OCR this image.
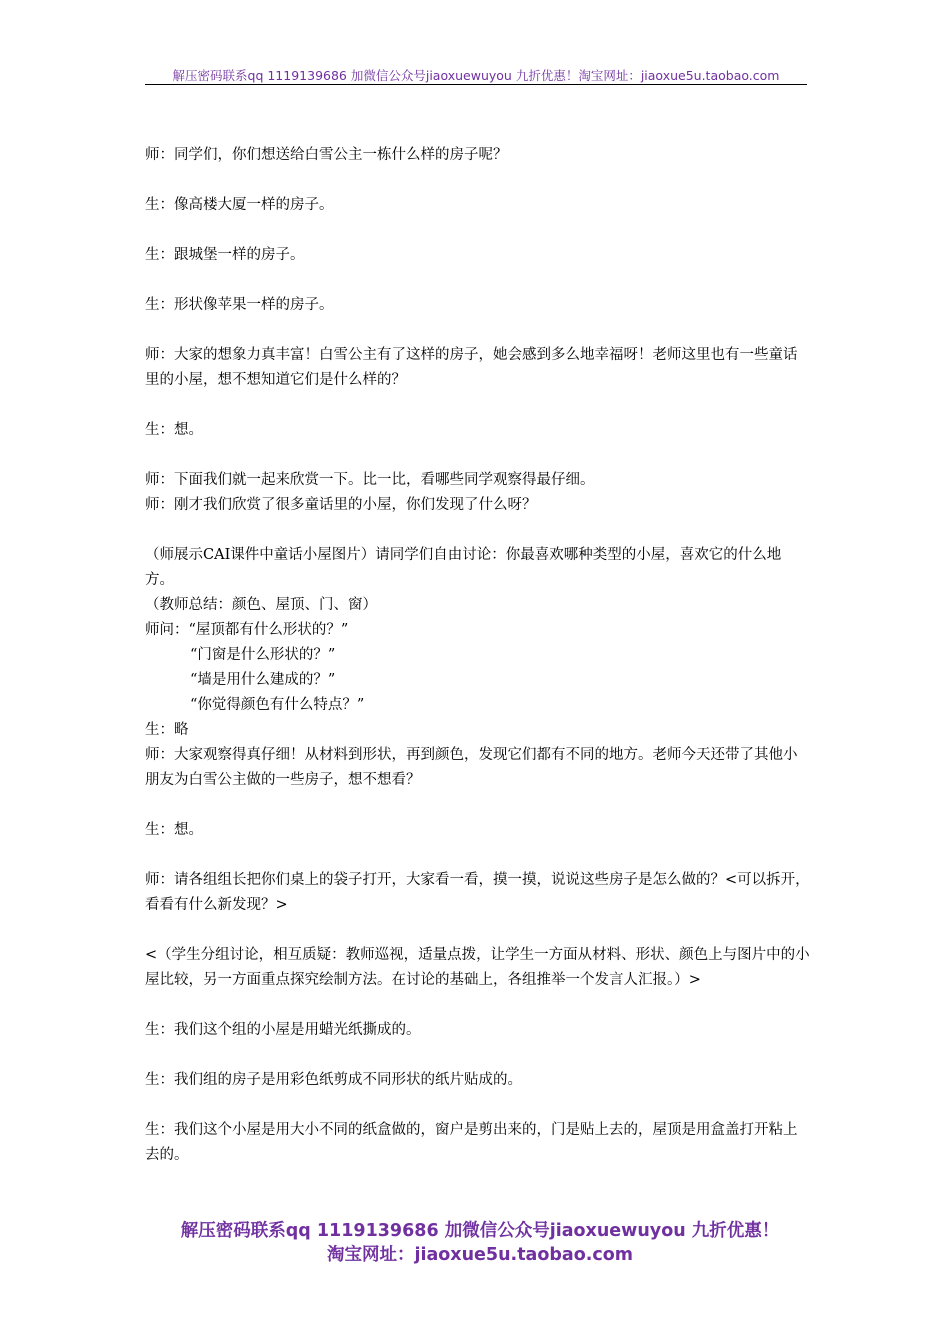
解压密码联系qq 1119139686 加微信公众号jiaoxuewuyou 九折优惠！淘宝网址：jiaoxue5u.taobao.com

师：同学们，你们想送给白雪公主一栋什么样的房子呢？

生：像高楼大厦一样的房子。

生：跟城堡一样的房子。

生：形状像苹果一样的房子。

师：大家的想象力真丰富！白雪公主有了这样的房子，她会感到多么地幸福呀！老师这里也有一些童话里的小屋，想不想知道它们是什么样的？

生：想。

师：下面我们就一起来欣赏一下。比一比，看哪些同学观察得最仔细。

师：刚才我们欣赏了很多童话里的小屋，你们发现了什么呀？

（师展示CAI课件中童话小屋图片）请同学们自由讨论：你最喜欢哪种类型的小屋，喜欢它的什么地方。

（教师总结：颜色、屋顶、门、窗）

师问：“屋顶都有什么形状的？”

“门窗是什么形状的？”

“墙是用什么建成的？”

“你觉得颜色有什么特点？”

生：略

师：大家观察得真仔细！从材料到形状，再到颜色，发现它们都有不同的地方。老师今天还带了其他小朋友为白雪公主做的一些房子，想不想看？

生：想。

师：请各组组长把你们桌上的袋子打开，大家看一看，摸一摸，说说这些房子是怎么做的？<可以拆开，看看有什么新发现？>

<（学生分组讨论，相互质疑：教师巡视，适量点拨，让学生一方面从材料、形状、颜色上与图片中的小屋比较，另一方面重点探究绘制方法。在讨论的基础上，各组推举一个发言人汇报。）>

生：我们这个组的小屋是用蜡光纸撕成的。

生：我们组的房子是用彩色纸剪成不同形状的纸片贴成的。

生：我们这个小屋是用大小不同的纸盒做的，窗户是剪出来的，门是贴上去的，屋顶是用盒盖打开粘上去的。

解压密码联系qq 1119139686 加微信公众号jiaoxuewuyou 九折优惠！
淘宝网址：jiaoxue5u.taobao.com
